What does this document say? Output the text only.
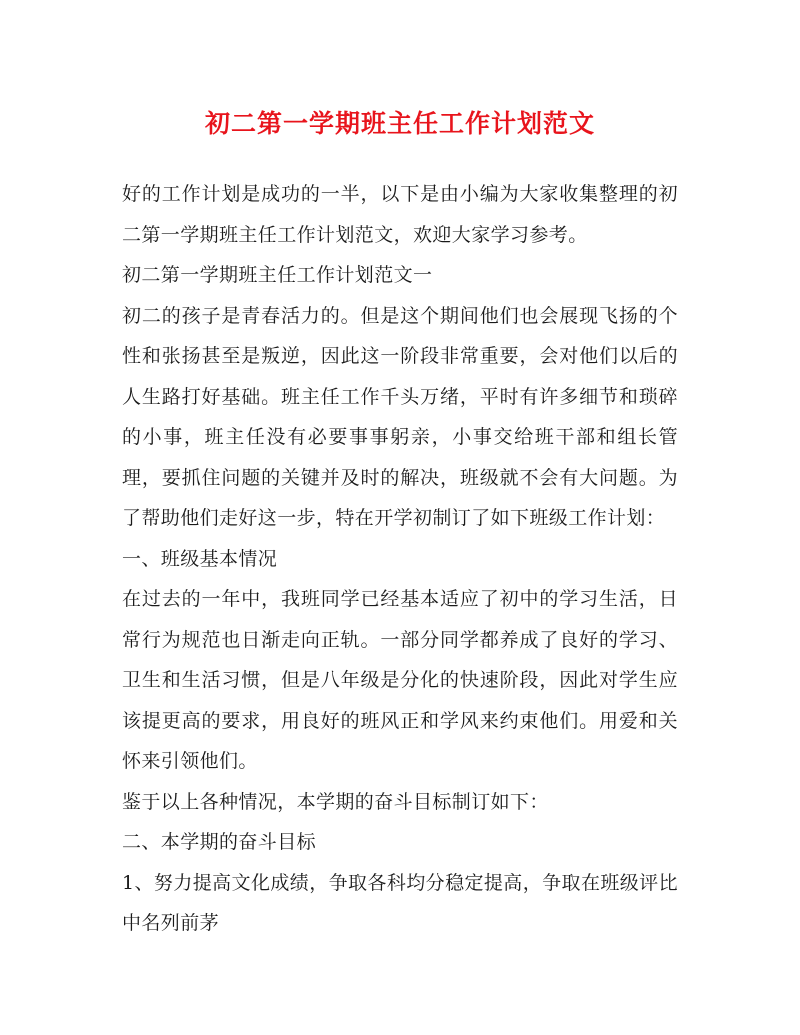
初二第一学期班主任工作计划范文

好的工作计划是成功的一半，以下是由小编为大家收集整理的初二第一学期班主任工作计划范文，欢迎大家学习参考。

初二第一学期班主任工作计划范文一

初二的孩子是青春活力的。但是这个期间他们也会展现飞扬的个性和张扬甚至是叛逆，因此这一阶段非常重要，会对他们以后的人生路打好基础。班主任工作千头万绪，平时有许多细节和琐碎的小事，班主任没有必要事事躬亲，小事交给班干部和组长管理，要抓住问题的关键并及时的解决，班级就不会有大问题。为了帮助他们走好这一步，特在开学初制订了如下班级工作计划：

一、班级基本情况

在过去的一年中，我班同学已经基本适应了初中的学习生活，日常行为规范也日渐走向正轨。一部分同学都养成了良好的学习、卫生和生活习惯，但是八年级是分化的快速阶段，因此对学生应该提更高的要求，用良好的班风正和学风来约束他们。用爱和关怀来引领他们。

鉴于以上各种情况，本学期的奋斗目标制订如下：

二、本学期的奋斗目标

1、努力提高文化成绩，争取各科均分稳定提高，争取在班级评比中名列前茅
